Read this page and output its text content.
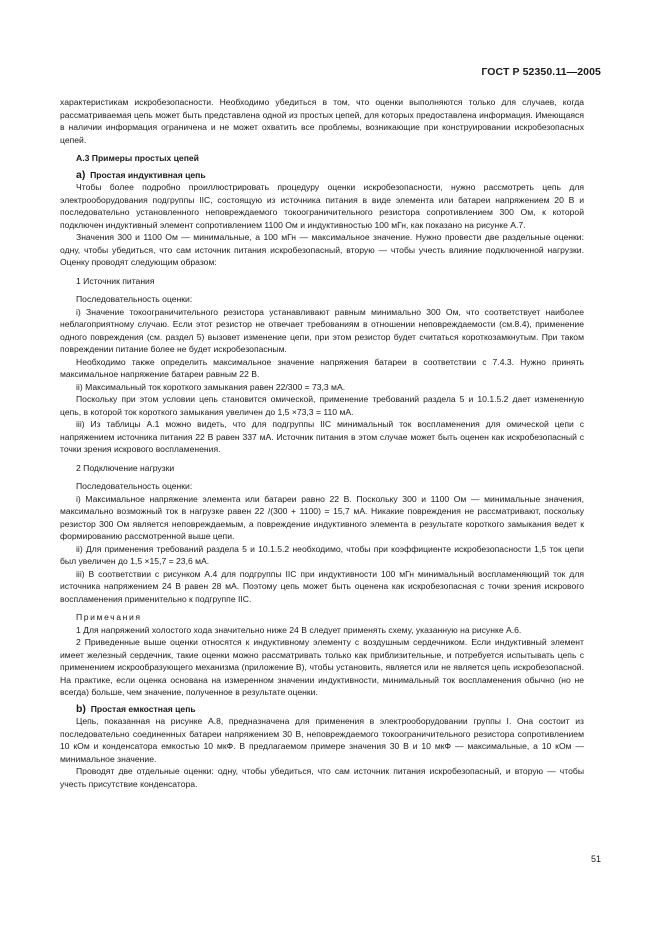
ГОСТ Р 52350.11—2005

характеристикам искробезопасности. Необходимо убедиться в том, что оценки выполняются только для случаев, когда рассматриваемая цепь может быть представлена одной из простых цепей, для которых предоставлена информация. Имеющаяся в наличии информация ограничена и не может охватить все проблемы, возникающие при конструировании искробезопасных цепей.

А.3 Примеры простых цепей

a) Простая индуктивная цепь

Чтобы более подробно проиллюстрировать процедуру оценки искробезопасности, нужно рассмотреть цепь для электрооборудования подгруппы IIC, состоящую из источника питания в виде элемента или батареи напряжением 20 В и последовательно установленного неповреждаемого токоограничительного резистора сопротивлением 300 Ом, к которой подключен индуктивный элемент сопротивлением 1100 Ом и индуктивностью 100 мГн, как показано на рисунке А.7.

Значения 300 и 1100 Ом — минимальные, а 100 мГн — максимальное значение. Нужно провести две раздельные оценки: одну, чтобы убедиться, что сам источник питания искробезопасный, вторую — чтобы учесть влияние подключенной нагрузки. Оценку проводят следующим образом:

1 Источник питания

Последовательность оценки:

i) Значение токоограничительного резистора устанавливают равным минимально 300 Ом, что соответствует наиболее неблагоприятному случаю. Если этот резистор не отвечает требованиям в отношении неповреждаемости (см.8.4), применение одного повреждения (см. раздел 5) вызовет изменение цепи, при этом резистор будет считаться короткозамкнутым. При таком повреждении питание более не будет искробезопасным.

Необходимо также определить максимальное значение напряжения батареи в соответствии с 7.4.3. Нужно принять максимальное напряжение батареи равным 22 В.

ii) Максимальный ток короткого замыкания равен 22/300 = 73,3 мА.

Поскольку при этом условии цепь становится омической, применение требований раздела 5 и 10.1.5.2 дает измененную цепь, в которой ток короткого замыкания увеличен до 1,5 ×73,3 = 110 мА.

iii) Из таблицы А.1 можно видеть, что для подгруппы IIC минимальный ток воспламенения для омической цепи с напряжением источника питания 22 В равен 337 мА. Источник питания в этом случае может быть оценен как искробезопасный с точки зрения искрового воспламенения.

2 Подключение нагрузки

Последовательность оценки:

i) Максимальное напряжение элемента или батареи равно 22 В. Поскольку 300 и 1100 Ом — минимальные значения, максимально возможный ток в нагрузке равен 22 /(300 + 1100) = 15,7 мА. Никакие повреждения не рассматривают, поскольку резистор 300 Ом является неповреждаемым, а повреждение индуктивного элемента в результате короткого замыкания ведет к формированию рассмотренной выше цепи.

ii) Для применения требований раздела 5 и 10.1.5.2 необходимо, чтобы при коэффициенте искробезопасности 1,5 ток цепи был увеличен до 1,5 ×15,7 = 23,6 мА.

iii) В соответствии с рисунком А.4 для подгруппы IIC при индуктивности 100 мГн минимальный воспламеняющий ток для источника напряжением 24 В равен 28 мА. Поэтому цепь может быть оценена как искробезопасная с точки зрения искрового воспламенения применительно к подгруппе IIC.

Примечания

1 Для напряжений холостого хода значительно ниже 24 В следует применять схему, указанную на рисунке А.6.

2 Приведенные выше оценки относятся к индуктивному элементу с воздушным сердечником. Если индуктивный элемент имеет железный сердечник, такие оценки можно рассматривать только как приблизительные, и потребуется испытывать цепь с применением искрообразующего механизма (приложение В), чтобы установить, является или не является цепь искробезопасной. На практике, если оценка основана на измеренном значении индуктивности, минимальный ток воспламенения обычно (но не всегда) больше, чем значение, полученное в результате оценки.

b) Простая емкостная цепь

Цепь, показанная на рисунке А.8, предназначена для применения в электрооборудовании группы I. Она состоит из последовательно соединенных батареи напряжением 30 В, неповреждаемого токоограничительного резистора сопротивлением 10 кОм и конденсатора емкостью 10 мкФ. В предлагаемом примере значения 30 В и 10 мкФ — максимальные, а 10 кОм — минимальное значение.

Проводят две отдельные оценки: одну, чтобы убедиться, что сам источник питания искробезопасный, и вторую — чтобы учесть присутствие конденсатора.

51
